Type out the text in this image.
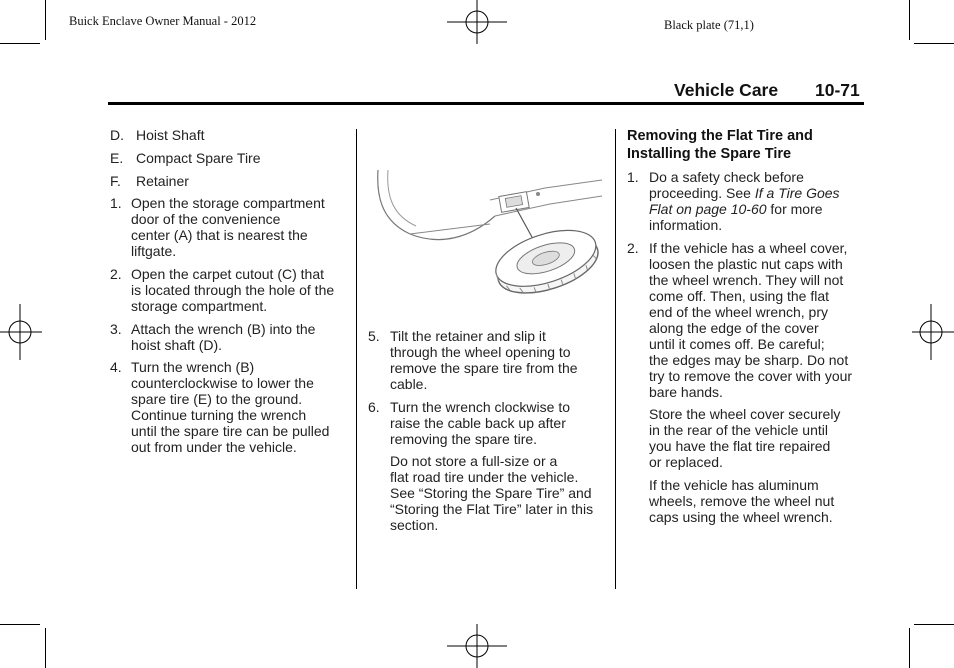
Buick Enclave Owner Manual - 2012	Black plate (71,1)
Vehicle Care 10-71
D. Hoist Shaft
E. Compact Spare Tire
F. Retainer
1. Open the storage compartment
door of the convenience
center (A) that is nearest the
liftgate.
2. Open the carpet cutout (C) that
is located through the hole of the
storage compartment.
3. Attach the wrench (B) into the
hoist shaft (D).
4. Turn the wrench (B)
counterclockwise to lower the
spare tire (E) to the ground.
Continue turning the wrench
until the spare tire can be pulled
out from under the vehicle.
5. Tilt the retainer and slip it
through the wheel opening to
remove the spare tire from the
cable.
6. Turn the wrench clockwise to
raise the cable back up after
removing the spare tire.
Do not store a full-size or a
flat road tire under the vehicle.
See “Storing the Spare Tire” and
“Storing the Flat Tire” later in this
section.
Removing the Flat Tire and
Installing the Spare Tire
1. Do a safety check before
proceeding. See If a Tire Goes
Flat on page 10-60 for more
information.
2. If the vehicle has a wheel cover,
loosen the plastic nut caps with
the wheel wrench. They will not
come off. Then, using the flat
end of the wheel wrench, pry
along the edge of the cover
until it comes off. Be careful;
the edges may be sharp. Do not
try to remove the cover with your
bare hands.
Store the wheel cover securely
in the rear of the vehicle until
you have the flat tire repaired
or replaced.
If the vehicle has aluminum
wheels, remove the wheel nut
caps using the wheel wrench.
